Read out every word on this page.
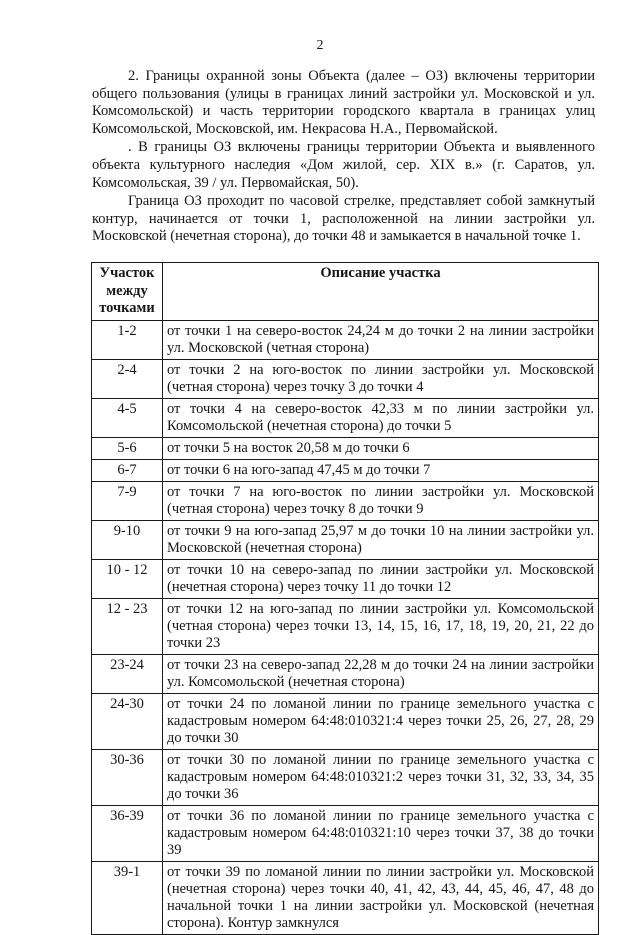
2

2. Границы охранной зоны Объекта (далее – ОЗ) включены территории общего пользования (улицы в границах линий застройки ул. Московской и ул. Комсомольской) и часть территории городского квартала в границах улиц Комсомольской, Московской, им. Некрасова Н.А., Первомайской.

. В границы ОЗ включены границы территории Объекта и выявленного объекта культурного наследия «Дом жилой, сер. XIX в.» (г. Саратов, ул. Комсомольская, 39 / ул. Первомайская, 50).

Граница ОЗ проходит по часовой стрелке, представляет собой замкнутый контур, начинается от точки 1, расположенной на линии застройки ул. Московской (нечетная сторона), до точки 48 и замыкается в начальной точке 1.

Участок между точками	Описание участка
1-2	от точки 1 на северо-восток 24,24 м до точки 2 на линии застройки ул. Московской (четная сторона)
2-4	от точки 2 на юго-восток по линии застройки ул. Московской (четная сторона) через точку 3 до точки 4
4-5	от точки 4 на северо-восток 42,33 м по линии застройки ул. Комсомольской (нечетная сторона) до точки 5
5-6	от точки 5 на восток 20,58 м до точки 6
6-7	от точки 6 на юго-запад 47,45 м до точки 7
7-9	от точки 7 на юго-восток по линии застройки ул. Московской (четная сторона) через точку 8 до точки 9
9-10	от точки 9 на юго-запад 25,97 м до точки 10 на линии застройки ул. Московской (нечетная сторона)
10 - 12	от точки 10 на северо-запад по линии застройки ул. Московской (нечетная сторона) через точку 11 до точки 12
12 - 23	от точки 12 на юго-запад по линии застройки ул. Комсомольской (четная сторона) через точки 13, 14, 15, 16, 17, 18, 19, 20, 21, 22 до точки 23
23-24	от точки 23 на северо-запад 22,28 м до точки 24 на линии застройки ул. Комсомольской (нечетная сторона)
24-30	от точки 24 по ломаной линии по границе земельного участка с кадастровым номером 64:48:010321:4 через точки 25, 26, 27, 28, 29 до точки 30
30-36	от точки 30 по ломаной линии по границе земельного участка с кадастровым номером 64:48:010321:2 через точки 31, 32, 33, 34, 35 до точки 36
36-39	от точки 36 по ломаной линии по границе земельного участка с кадастровым номером 64:48:010321:10 через точки 37, 38 до точки 39
39-1	от точки 39 по ломаной линии по линии застройки ул. Московской (нечетная сторона) через точки 40, 41, 42, 43, 44, 45, 46, 47, 48 до начальной точки 1 на линии застройки ул. Московской (нечетная сторона). Контур замкнулся
